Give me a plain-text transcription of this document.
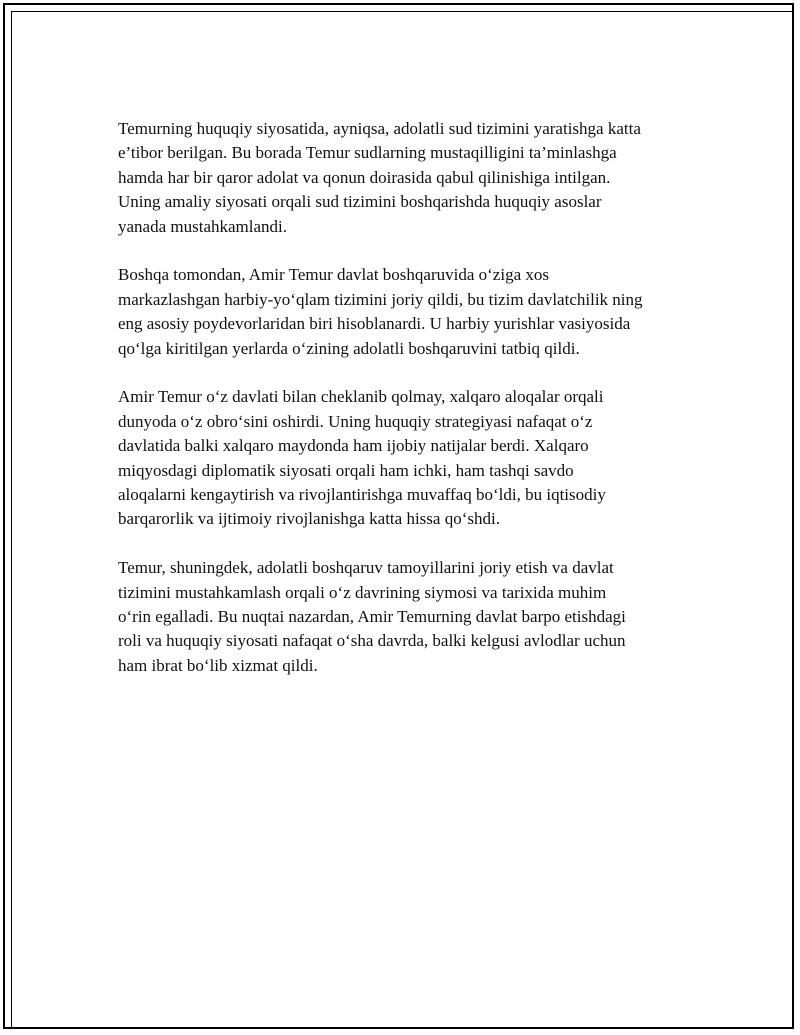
Temurning huquqiy siyosatida, ayniqsa, adolatli sud tizimini yaratishga katta
e’tibor berilgan. Bu borada Temur sudlarning mustaqilligini ta’minlashga
hamda har bir qaror adolat va qonun doirasida qabul qilinishiga intilgan.
Uning amaliy siyosati orqali sud tizimini boshqarishda huquqiy asoslar
yanada mustahkamlandi.

Boshqa tomondan, Amir Temur davlat boshqaruvida o‘ziga xos
markazlashgan harbiy-yo‘qlam tizimini joriy qildi, bu tizim davlatchilik ning
eng asosiy poydevorlaridan biri hisoblanardi. U harbiy yurishlar vasiyosida
qo‘lga kiritilgan yerlarda o‘zining adolatli boshqaruvini tatbiq qildi.

Amir Temur o‘z davlati bilan cheklanib qolmay, xalqaro aloqalar orqali
dunyoda o‘z obro‘sini oshirdi. Uning huquqiy strategiyasi nafaqat o‘z
davlatida balki xalqaro maydonda ham ijobiy natijalar berdi. Xalqaro
miqyosdagi diplomatik siyosati orqali ham ichki, ham tashqi savdo
aloqalarni kengaytirish va rivojlantirishga muvaffaq bo‘ldi, bu iqtisodiy
barqarorlik va ijtimoiy rivojlanishga katta hissa qo‘shdi.

Temur, shuningdek, adolatli boshqaruv tamoyillarini joriy etish va davlat
tizimini mustahkamlash orqali o‘z davrining siymosi va tarixida muhim
o‘rin egalladi. Bu nuqtai nazardan, Amir Temurning davlat barpo etishdagi
roli va huquqiy siyosati nafaqat o‘sha davrda, balki kelgusi avlodlar uchun
ham ibrat bo‘lib xizmat qildi.
